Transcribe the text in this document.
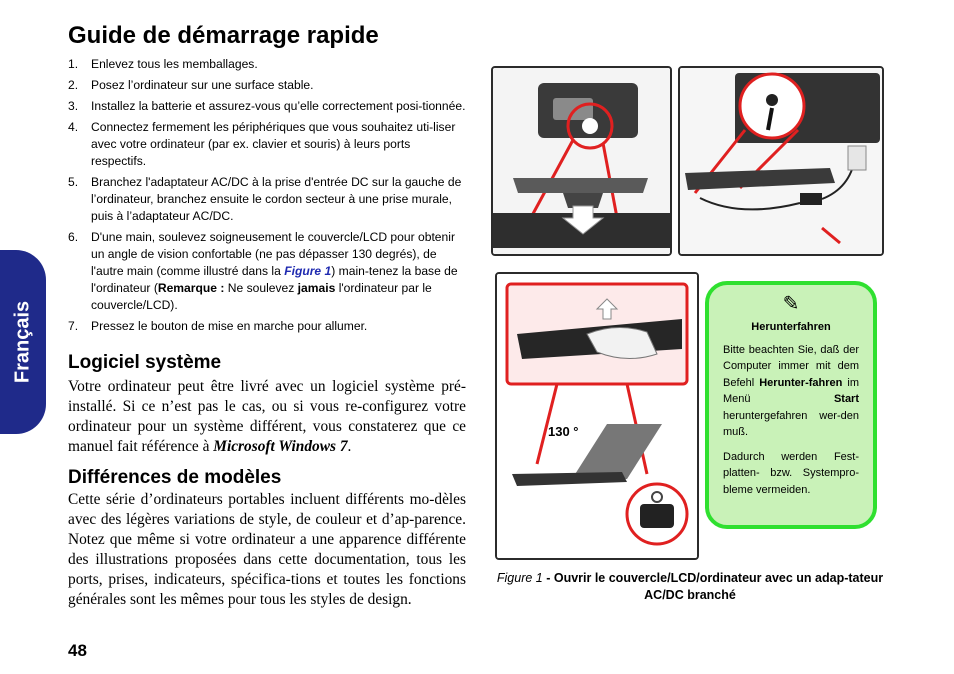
Français
Guide de démarrage rapide
1. Enlevez tous les memballages.
2. Posez l’ordinateur sur une surface stable.
3. Installez la batterie et assurez-vous qu’elle correctement posi-tionnée.
4. Connectez fermement les périphériques que vous souhaitez uti-liser avec votre ordinateur (par ex. clavier et souris) à leurs ports respectifs.
5. Branchez l'adaptateur AC/DC à la prise d'entrée DC sur la gauche de l’ordinateur, branchez ensuite le cordon secteur à une prise murale, puis à l’adaptateur AC/DC.
6. D'une main, soulevez soigneusement le couvercle/LCD pour obtenir un angle de vision confortable (ne pas dépasser 130 degrés), de l'autre main (comme illustré dans la Figure 1) main-tenez la base de l'ordinateur (Remarque : Ne soulevez jamais l'ordinateur par le couvercle/LCD).
7. Pressez le bouton de mise en marche pour allumer.
Logiciel système
Votre ordinateur peut être livré avec un logiciel système pré-installé. Si ce n’est pas le cas, ou si vous re-configurez votre ordinateur pour un système différent, vous constaterez que ce manuel fait référence à Microsoft Windows 7.
Différences de modèles
Cette série d’ordinateurs portables incluent différents mo-dèles avec des légères variations de style, de couleur et d’ap-parence. Notez que même si votre ordinateur a une apparence différente des illustrations proposées dans cette documentation, tous les ports, prises, indicateurs, spécifica-tions et toutes les fonctions générales sont les mêmes pour tous les styles de design.
48
130 °
✎
Herunterfahren

Bitte beachten Sie, daß der Computer immer mit dem Befehl Herunter-fahren im Menü Start heruntergefahren wer-den muß.

Dadurch werden Fest-platten- bzw. Systempro-bleme vermeiden.

Figure 1 - Ouvrir le couvercle/LCD/ordinateur avec un adap-tateur AC/DC branché
